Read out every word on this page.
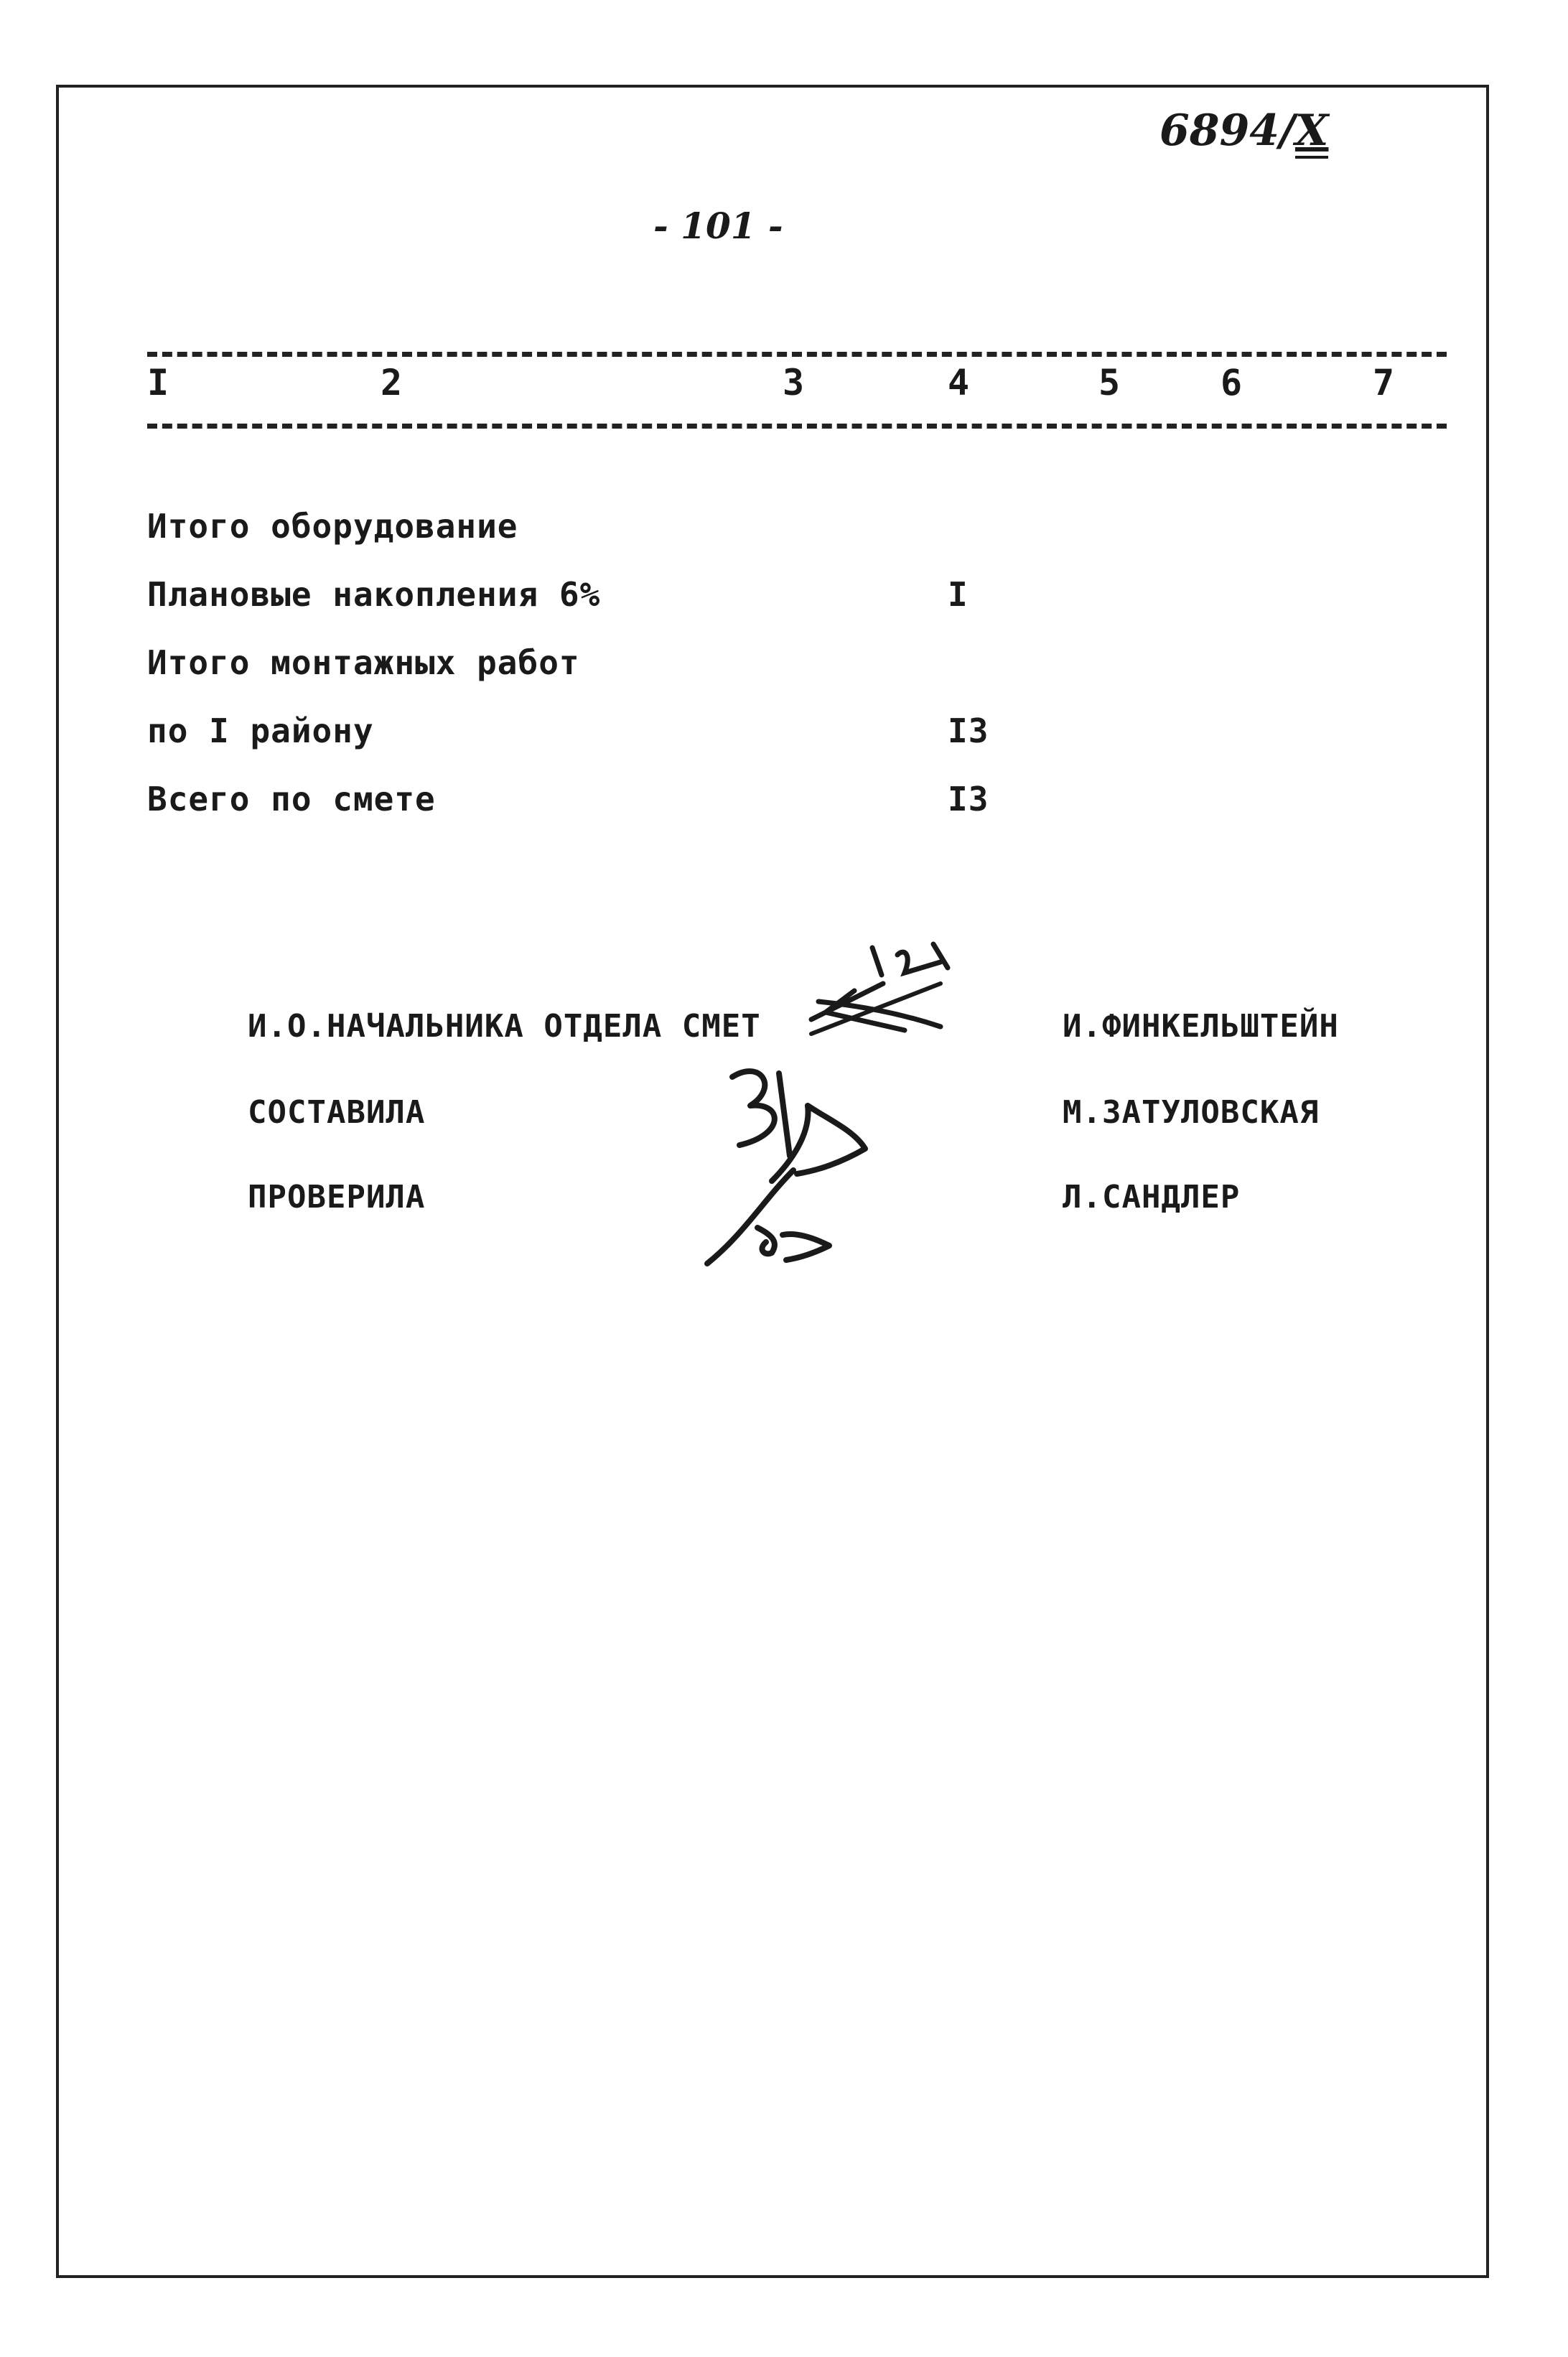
6894/X
- 101 -
I	2	3	4	5	6	7
Итого оборудование
Плановые накопления 6%	I
Итого монтажных работ
по I району	I3
Всего по смете	I3
И.О.НАЧАЛЬНИКА ОТДЕЛА СМЕТ	И.ФИНКЕЛЬШТЕЙН
СОСТАВИЛА	М.ЗАТУЛОВСКАЯ
ПРОВЕРИЛА	Л.САНДЛЕР
